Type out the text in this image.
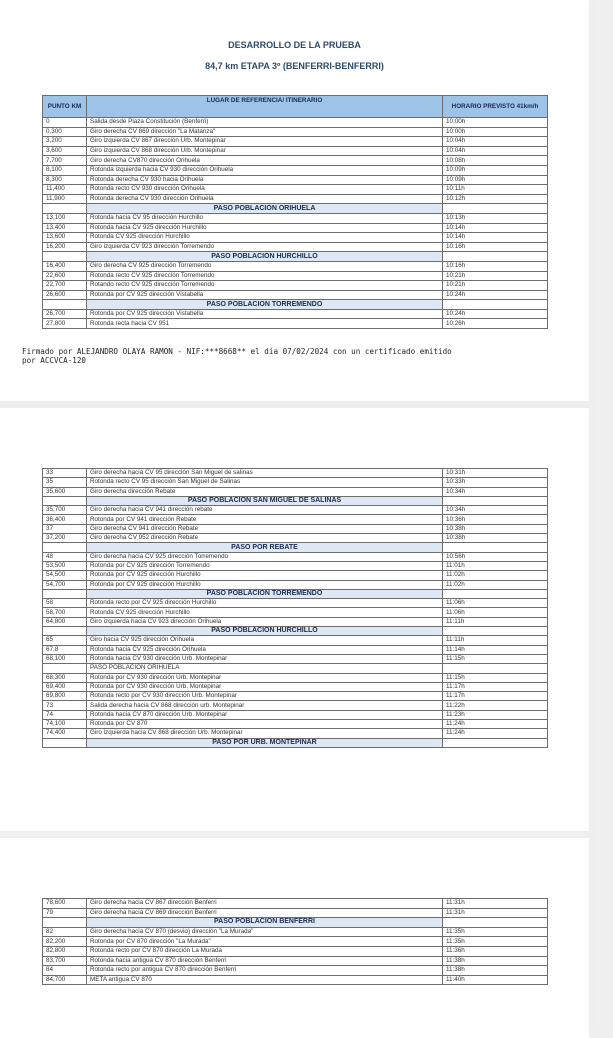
DESARROLLO DE LA PRUEBA
84,7 km ETAPA 3º (BENFERRI-BENFERRI)
PUNTO KM	LUGAR DE REFERENCIA/ ITINERARIO	HORARIO PREVISTO 41km/h
0	Salida desde Plaza Constitución (Benferri)	10:00h
0,300	Giro derecha CV 869 dirección "La Matanza"	10:00h
3,200	Giro izquierda CV 867 dirección Urb. Montepinar	10:04h
3,600	Giro izquierda CV 868 dirección Urb. Montepinar	10:04h
7,700	Giro derecha CV870 dirección Orihuela	10:08h
8,100	Rotonda izquierda hacia CV 930 dirección Orihuela	10:09h
8,300	Rotonda derecha CV 930 hacia Orihuela	10:09h
11,400	Rotonda recto CV 930 dirección Orihuela	10:11h
11,900	Rotonda derecha CV 930 dirección Orihuela	10:12h
	PASO POBLACIÓN ORIHUELA	
13,100	Rotonda hacia CV 95 dirección Hurchillo	10:13h
13,400	Rotonda hacia CV 925 dirección Hurchillo	10:14h
13,600	Rotonda CV 925 dirección Hurchillo	10:14h
16,200	Giro izquierda CV 923 dirección Torremendo	10:16h
	PASO POBLACIÓN HURCHILLO	
16,400	Giro derecha CV 925 dirección Torremendo	10:16h
22,600	Rotonda recto CV 925 dirección Torremendo	10:21h
22,700	Rotando recto CV 925 dirección Torremendo	10:21h
26,600	Rotonda por CV 925 dirección Vistabella	10:24h
	PASO POBLACION TORREMENDO	
26,700	Rotonda por CV 925 dirección Vistabella	10:24h
27,800	Rotonda recta hacia CV 951	10:26h
Firmado por ALEJANDRO OLAYA RAMON - NIF:***8668** el día 07/02/2024 con un certificado emitido
por ACCVCA-120
33	Giro derecha hacia CV 95 dirección San Miguel de salinas	10:31h
35	Rotonda recto CV 95 dirección San Miguel de Salinas	10:33h
35,600	Giro derecha dirección Rebate	10:34h
	PASO POBLACIÓN SAN MIGUEL DE SALINAS	
35,700	Giro derecha hacia CV 941 dirección rebate	10:34h
36,400	Rotonda por CV 941 dirección Rebate	10:36h
37	Giro derecha CV 941 dirección Rebate	10:38h
37,200	Giro derecha CV 952 dirección Rebate	10:38h
	PASO POR REBATE	
48	Giro derecha hacia CV 925 dirección Torremendo	10:56h
53,500	Rotonda por CV 925 dirección Torremendo	11:01h
54,500	Rotonda por CV 925 dirección Hurchillo	11:02h
54,700	Rotonda por CV 925 dirección Hurchillo	11:02h
	PASO POBLACIÓN TORREMENDO	
58	Rotonda recto por CV 925 dirección Hurchillo	11:06h
58,700	Rotonda CV 925 dirección Hurchillo	11:06h
64,800	Giro izquierda hacia CV 923 dirección Orihuela	11:11h
	PASO POBLACIÓN HURCHILLO	
65	Giro hacia CV 925 dirección Orihuela	11:11h
67,8	Rotonda hacia CV 925 dirección Orihuela	11:14h
68,100	Rotonda hacia CV 930 dirección Urb. Montepinar	11:15h
	PASO POBLACIÓN ORIHUELA	
68,300	Rotonda por CV 930 dirección Urb. Montepinar	11:15h
69,400	Rotonda por CV 930 dirección Urb. Montepinar	11:17h
69,800	Rotonda recto por CV 930 dirección Urb. Montepinar	11:17h
73	Salida derecha hacia CV 868 dirección urb. Montepinar	11:22h
74	Rotonda hacia CV 870 dirección Urb. Montepinar	11:23h
74,100	Rotonda por CV 870	11:24h
74,400	Giro izquierda hacia CV 868 dirección Urb. Montepinar	11:24h
	PASO POR URB. MONTEPINAR	
78,600	Giro derecha hacia CV 867 dirección Benferri	11:31h
79	Giro derecha hacia CV 869 dirección Benferri	11:31h
	PASO POBLACIÓN BENFERRI	
82	Giro derecha hacia CV 870 (desvio) dirección "La Murada"	11:35h
82,200	Rotonda por CV 870 dirección "La Murada"	11:35h
82,800	Rotonda recto por CV 870 dirección La Murada	11:36h
83,700	Rotonda hacia antigua CV 870 dirección Benferri	11:38h
84	Rotonda recto por antigua CV 870 dirección Benferri	11:38h
84,700	META antigua CV 870	11:40h
